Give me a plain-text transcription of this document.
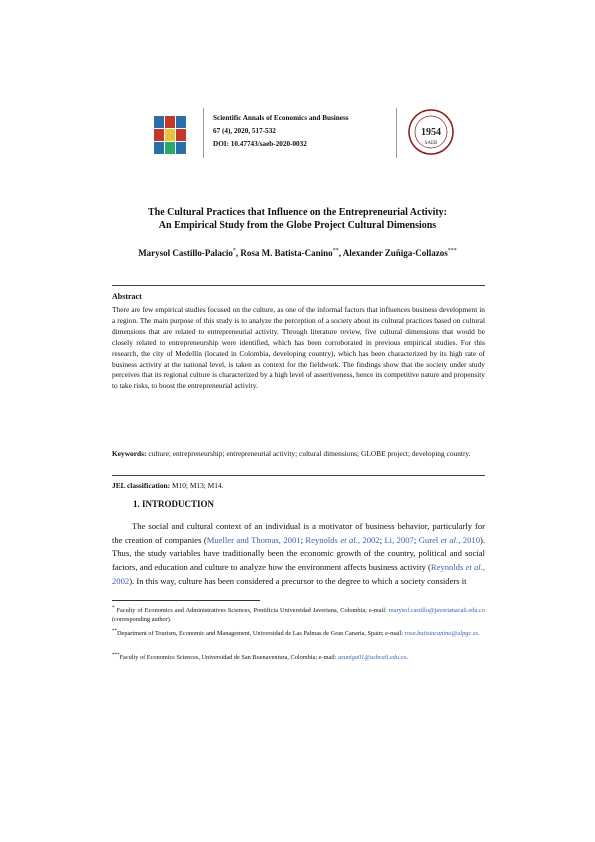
Scientific Annals of Economics and Business
67 (4), 2020, 517-532
DOI: 10.47743/saeb-2020-0032
1954
SAEB
The Cultural Practices that Influence on the Entrepreneurial Activity:
An Empirical Study from the Globe Project Cultural Dimensions
Marysol Castillo-Palacio*, Rosa M. Batista-Canino**, Alexander Zuñiga-Collazos***
Abstract
There are few empirical studies focused on the culture, as one of the informal factors that influences business development in a region. The main purpose of this study is to analyze the perception of a society about its cultural practices based on cultural dimensions that are related to entrepreneurial activity. Through literature review, five cultural dimensions that would be closely related to entrepreneurship were identified, which has been corroborated in previous empirical studies. For this research, the city of Medellín (located in Colombia, developing country), which has been characterized by its high rate of business activity at the national level, is taken as context for the fieldwork. The findings show that the society under study perceives that its regional culture is characterized by a high level of assertiveness, hence its competitive nature and propensity to take risks, to boost the entrepreneurial activity.
Keywords: culture; entrepreneurship; entrepreneurial activity; cultural dimensions; GLOBE project; developing country.
JEL classification: M10; M13; M14.
1. INTRODUCTION
The social and cultural context of an individual is a motivator of business behavior, particularly for the creation of companies (Mueller and Thomas, 2001; Reynolds et al., 2002; Li, 2007; Gurel et al., 2010). Thus, the study variables have traditionally been the economic growth of the country, political and social factors, and education and culture to analyze how the environment affects business activity (Reynolds et al., 2002). In this way, culture has been considered a precursor to the degree to which a society considers it
* Faculty of Economics and Administratives Sciences, Pontificia Universidad Javeriana, Colombia; e-mail: marysol.castillo@javerianacali.edu.co (corresponding author).
**Department of Tourism, Economic and Management, Universidad de Las Palmas de Gran Canaria, Spain; e-mail: rosa.batistacanino@ulpgc.es.
***Faculty of Economics Sciences, Universidad de San Buenaventura, Colombia; e-mail: azuniga01@usbcali.edu.co.
